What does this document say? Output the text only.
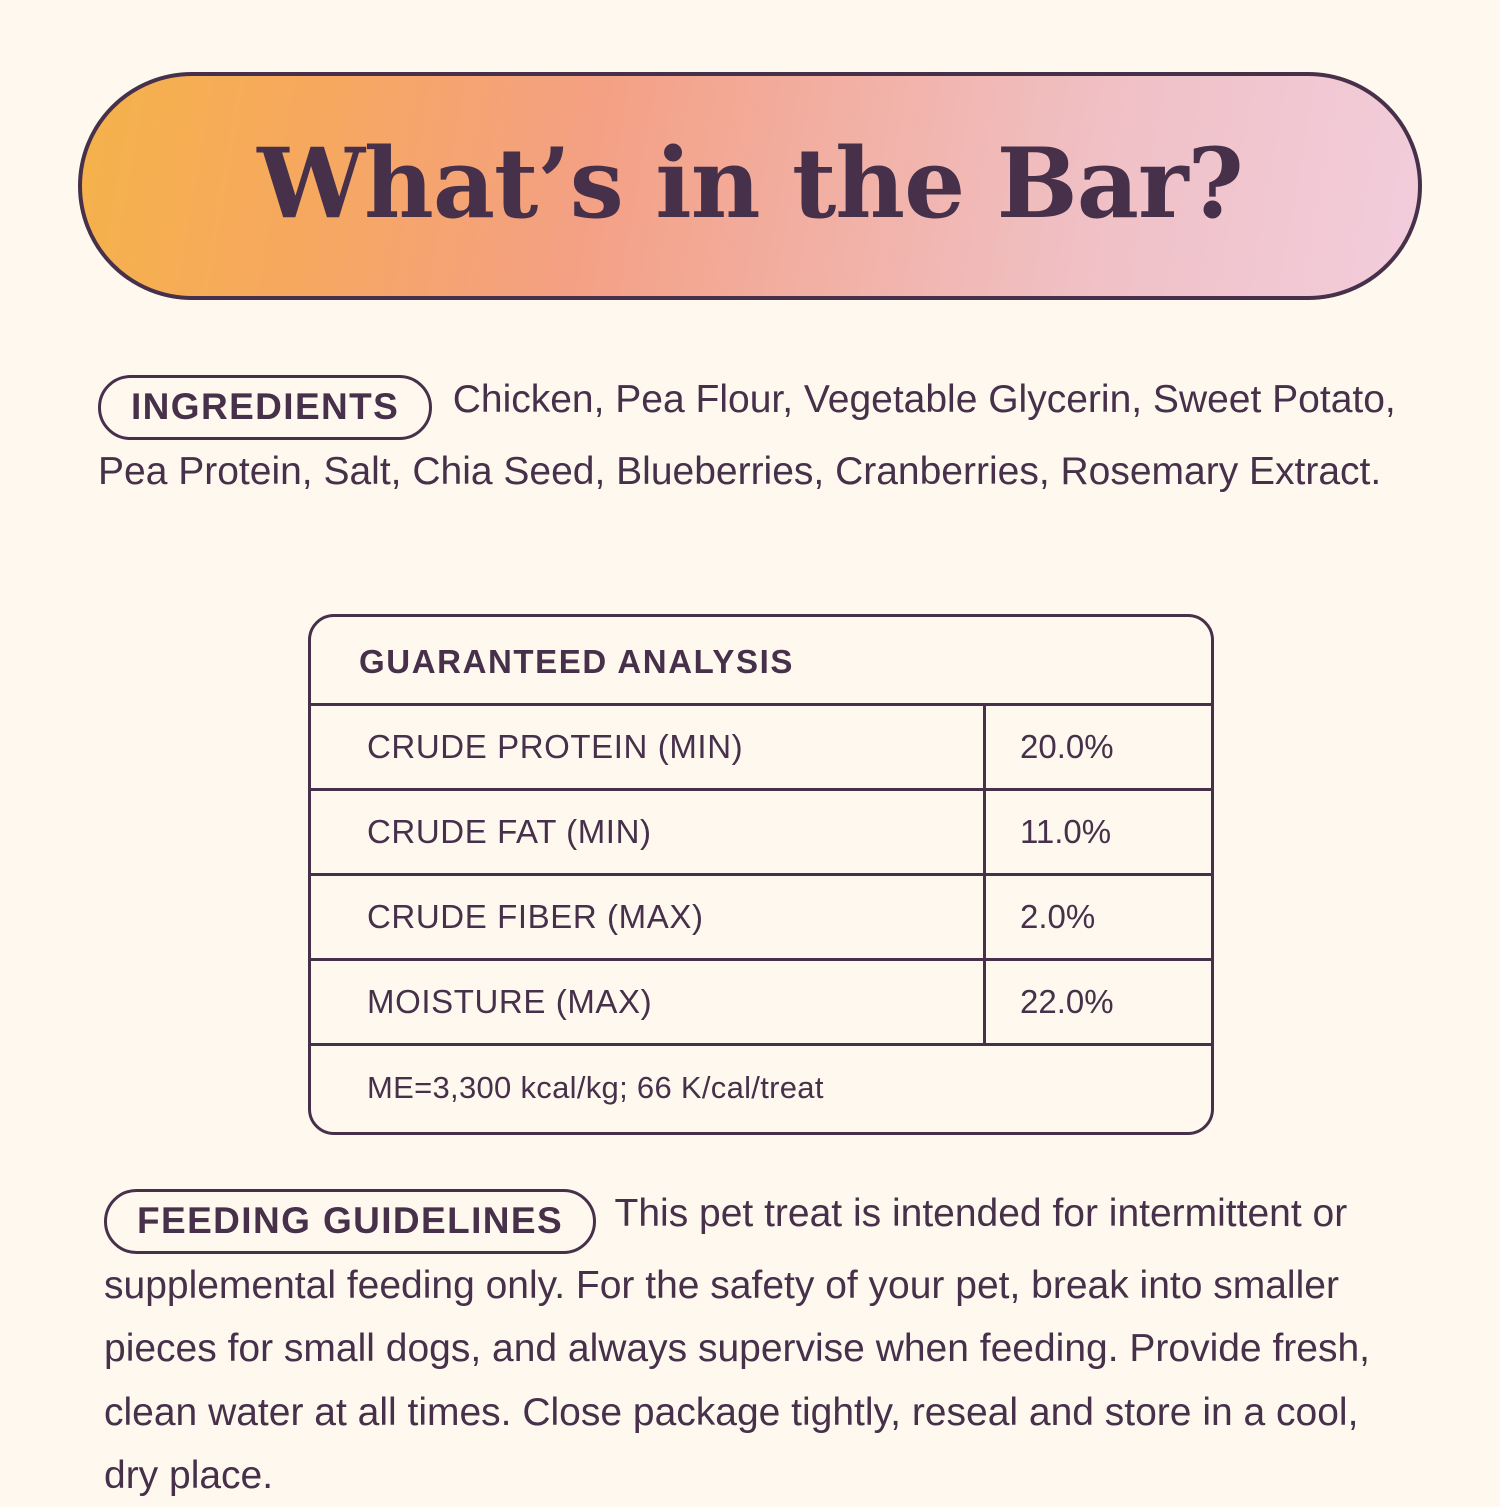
What’s in the Bar?
INGREDIENTS Chicken, Pea Flour, Vegetable Glycerin, Sweet Potato, Pea Protein, Salt, Chia Seed, Blueberries, Cranberries, Rosemary Extract.
GUARANTEED ANALYSIS
CRUDE PROTEIN (MIN)	20.0%
CRUDE FAT (MIN)	11.0%
CRUDE FIBER (MAX)	2.0%
MOISTURE (MAX)	22.0%
ME=3,300 kcal/kg; 66 K/cal/treat
FEEDING GUIDELINES This pet treat is intended for intermittent or supplemental feeding only. For the safety of your pet, break into smaller pieces for small dogs, and always supervise when feeding. Provide fresh, clean water at all times. Close package tightly, reseal and store in a cool, dry place.
